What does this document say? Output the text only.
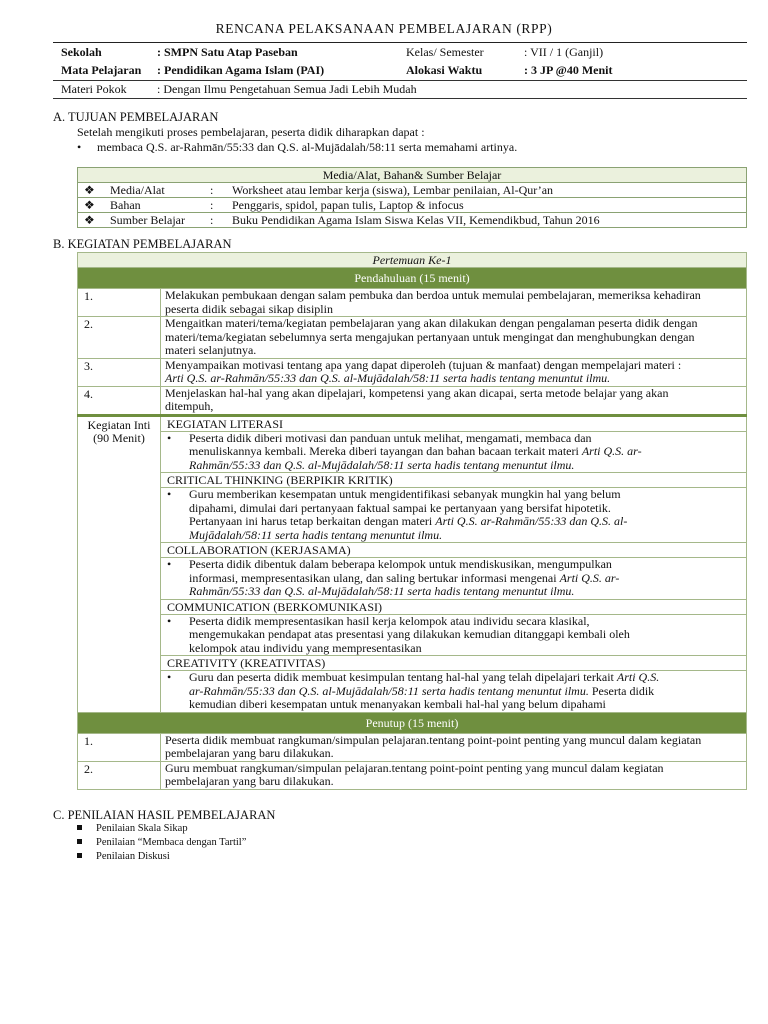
RENCANA PELAKSANAAN PEMBELAJARAN (RPP)
Sekolah	: SMPN Satu Atap Paseban	Kelas/ Semester	: VII / 1 (Ganjil)
Mata Pelajaran : Pendidikan Agama Islam (PAI)	Alokasi Waktu	: 3 JP @40 Menit
Materi Pokok	: Dengan Ilmu Pengetahuan Semua Jadi Lebih Mudah
A. TUJUAN PEMBELAJARAN
Setelah mengikuti proses pembelajaran, peserta didik diharapkan dapat :
• membaca Q.S. ar-Rahmān/55:33 dan Q.S. al-Mujādalah/58:11 serta memahami artinya.
Media/Alat, Bahan& Sumber Belajar			
❖	Media/Alat	:	Worksheet atau lembar kerja (siswa), Lembar penilaian, Al-Qur’an
❖	Bahan	:	Penggaris, spidol, papan tulis, Laptop & infocus
❖	Sumber Belajar	:	Buku Pendidikan Agama Islam Siswa Kelas VII, Kemendikbud, Tahun 2016
B. KEGIATAN PEMBELAJARAN
Pertemuan Ke-1	
Pendahuluan (15 menit)	
1.	Melakukan pembukaan dengan salam pembuka dan berdoa untuk memulai pembelajaran, memeriksa kehadiran
peserta didik sebagai sikap disiplin

2.	Mengaitkan materi/tema/kegiatan pembelajaran yang akan dilakukan dengan pengalaman peserta didik dengan
materi/tema/kegiatan sebelumnya serta mengajukan pertanyaan untuk mengingat dan menghubungkan dengan
materi selanjutnya.

3.	Menyampaikan motivasi tentang apa yang dapat diperoleh (tujuan & manfaat) dengan mempelajari materi :
Arti Q.S. ar-Rahmān/55:33 dan Q.S. al-Mujādalah/58:11 serta hadis tentang menuntut ilmu.

4.	Menjelaskan hal-hal yang akan dipelajari, kompetensi yang akan dicapai, serta metode belajar yang akan
ditempuh,

Kegiatan Inti
(90 Menit)	KEGIATAN LITERASI

	• Peserta didik diberi motivasi dan panduan untuk melihat, mengamati, membaca dan
menuliskannya kembali. Mereka diberi tayangan dan bahan bacaan terkait materi Arti Q.S. ar-
Rahmān/55:33 dan Q.S. al-Mujādalah/58:11 serta hadis tentang menuntut ilmu.

	CRITICAL THINKING (BERPIKIR KRITIK)

	• Guru memberikan kesempatan untuk mengidentifikasi sebanyak mungkin hal yang belum
dipahami, dimulai dari pertanyaan faktual sampai ke pertanyaan yang bersifat hipotetik.
Pertanyaan ini harus tetap berkaitan dengan materi Arti Q.S. ar-Rahmān/55:33 dan Q.S. al-
Mujādalah/58:11 serta hadis tentang menuntut ilmu.

	COLLABORATION (KERJASAMA)

	• Peserta didik dibentuk dalam beberapa kelompok untuk mendiskusikan, mengumpulkan
informasi, mempresentasikan ulang, dan saling bertukar informasi mengenai Arti Q.S. ar-
Rahmān/55:33 dan Q.S. al-Mujādalah/58:11 serta hadis tentang menuntut ilmu.

	COMMUNICATION (BERKOMUNIKASI)

	• Peserta didik mempresentasikan hasil kerja kelompok atau individu secara klasikal,
mengemukakan pendapat atas presentasi yang dilakukan kemudian ditanggapi kembali oleh
kelompok atau individu yang mempresentasikan

	CREATIVITY (KREATIVITAS)

	• Guru dan peserta didik membuat kesimpulan tentang hal-hal yang telah dipelajari terkait Arti Q.S.
ar-Rahmān/55:33 dan Q.S. al-Mujādalah/58:11 serta hadis tentang menuntut ilmu. Peserta didik
kemudian diberi kesempatan untuk menanyakan kembali hal-hal yang belum dipahami

Penutup (15 menit)	
1.	Peserta didik membuat rangkuman/simpulan pelajaran.tentang point-point penting yang muncul dalam kegiatan
pembelajaran yang baru dilakukan.

2.	Guru membuat rangkuman/simpulan pelajaran.tentang point-point penting yang muncul dalam kegiatan
pembelajaran yang baru dilakukan.
C. PENILAIAN HASIL PEMBELAJARAN
Penilaian Skala Sikap
Penilaian “Membaca dengan Tartil”
Penilaian Diskusi
